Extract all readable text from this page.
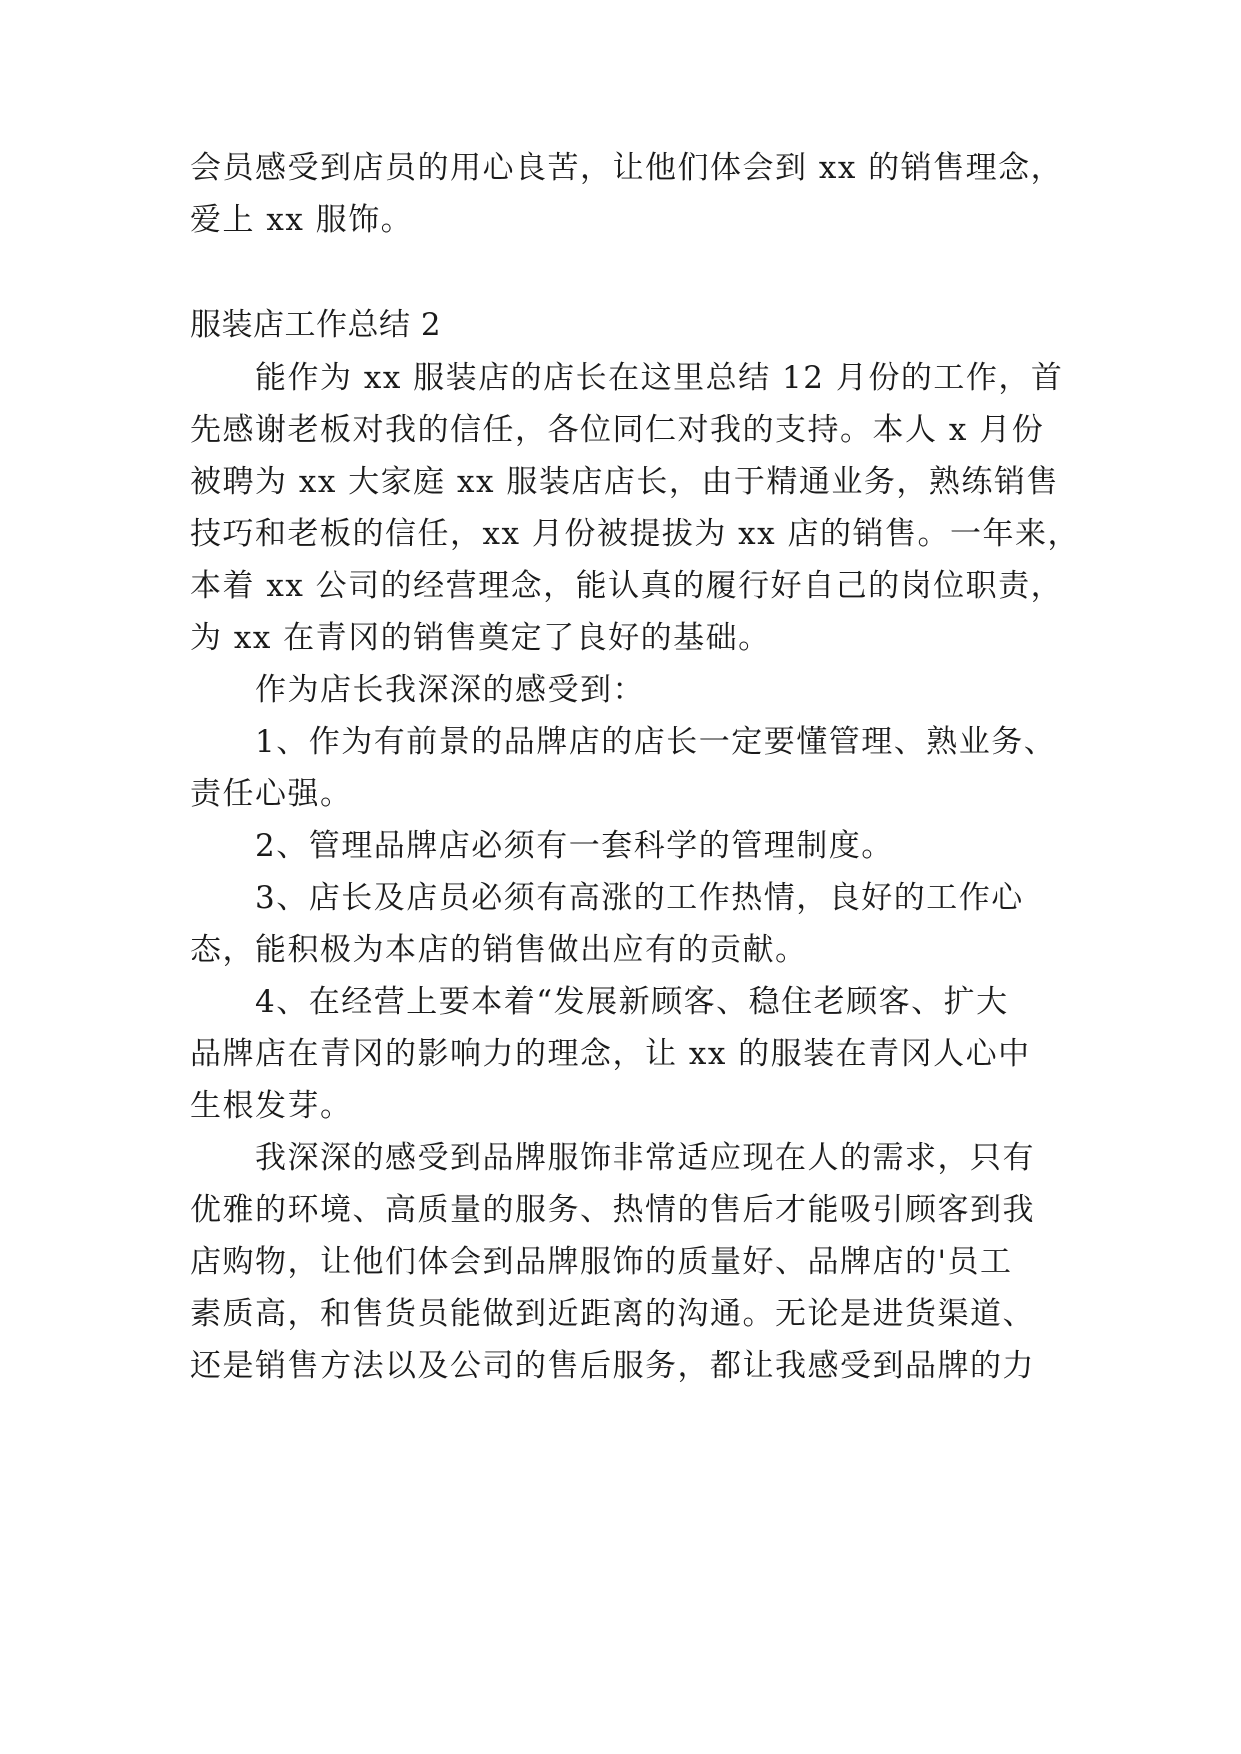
会员感受到店员的用心良苦，让他们体会到 xx 的销售理念，
爱上 xx 服饰。
服装店工作总结 2
能作为 xx 服装店的店长在这里总结 12 月份的工作，首
先感谢老板对我的信任，各位同仁对我的支持。本人 x 月份
被聘为 xx 大家庭 xx 服装店店长，由于精通业务，熟练销售
技巧和老板的信任，xx 月份被提拔为 xx 店的销售。一年来，
本着 xx 公司的经营理念，能认真的履行好自己的岗位职责，
为 xx 在青冈的销售奠定了良好的基础。
作为店长我深深的感受到：
1、作为有前景的品牌店的店长一定要懂管理、熟业务、
责任心强。
2、管理品牌店必须有一套科学的管理制度。
3、店长及店员必须有高涨的工作热情，良好的工作心
态，能积极为本店的销售做出应有的贡献。
4、在经营上要本着“发展新顾客、稳住老顾客、扩大
品牌店在青冈的影响力的理念，让 xx 的服装在青冈人心中
生根发芽。
我深深的感受到品牌服饰非常适应现在人的需求，只有
优雅的环境、高质量的服务、热情的售后才能吸引顾客到我
店购物，让他们体会到品牌服饰的质量好、品牌店的'员工
素质高，和售货员能做到近距离的沟通。无论是进货渠道、
还是销售方法以及公司的售后服务，都让我感受到品牌的力
